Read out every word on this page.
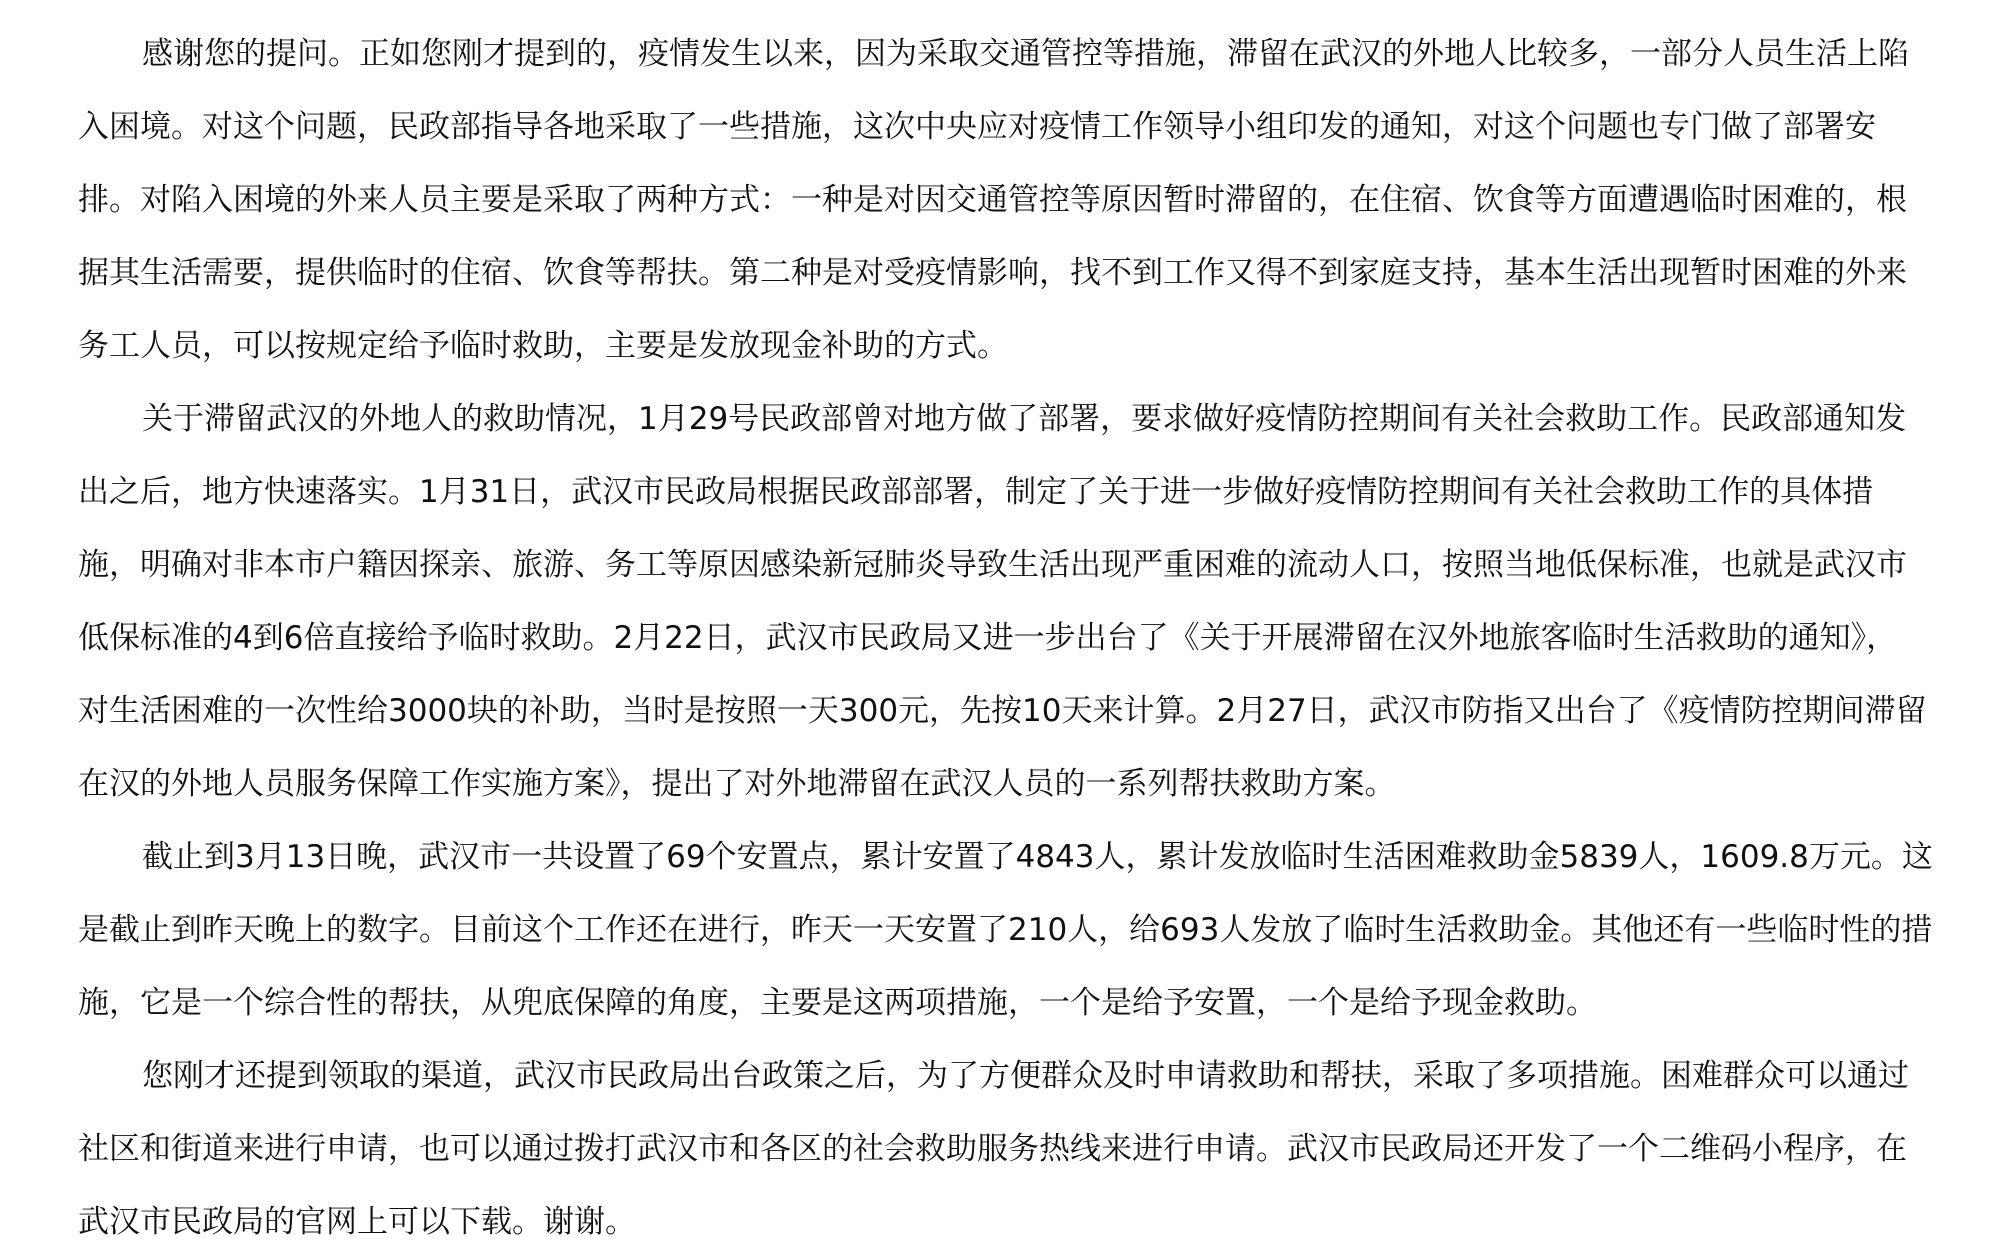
感谢您的提问。正如您刚才提到的，疫情发生以来，因为采取交通管控等措施，滞留在武汉的外地人比较多，一部分人员生活上陷
入困境。对这个问题，民政部指导各地采取了一些措施，这次中央应对疫情工作领导小组印发的通知，对这个问题也专门做了部署安
排。对陷入困境的外来人员主要是采取了两种方式：一种是对因交通管控等原因暂时滞留的，在住宿、饮食等方面遭遇临时困难的，根
据其生活需要，提供临时的住宿、饮食等帮扶。第二种是对受疫情影响，找不到工作又得不到家庭支持，基本生活出现暂时困难的外来
务工人员，可以按规定给予临时救助，主要是发放现金补助的方式。
关于滞留武汉的外地人的救助情况，1月29号民政部曾对地方做了部署，要求做好疫情防控期间有关社会救助工作。民政部通知发
出之后，地方快速落实。1月31日，武汉市民政局根据民政部部署，制定了关于进一步做好疫情防控期间有关社会救助工作的具体措
施，明确对非本市户籍因探亲、旅游、务工等原因感染新冠肺炎导致生活出现严重困难的流动人口，按照当地低保标准，也就是武汉市
低保标准的4到6倍直接给予临时救助。2月22日，武汉市民政局又进一步出台了《关于开展滞留在汉外地旅客临时生活救助的通知》，
对生活困难的一次性给3000块的补助，当时是按照一天300元，先按10天来计算。2月27日，武汉市防指又出台了《疫情防控期间滞留
在汉的外地人员服务保障工作实施方案》，提出了对外地滞留在武汉人员的一系列帮扶救助方案。
截止到3月13日晚，武汉市一共设置了69个安置点，累计安置了4843人，累计发放临时生活困难救助金5839人，1609.8万元。这
是截止到昨天晚上的数字。目前这个工作还在进行，昨天一天安置了210人，给693人发放了临时生活救助金。其他还有一些临时性的措
施，它是一个综合性的帮扶，从兜底保障的角度，主要是这两项措施，一个是给予安置，一个是给予现金救助。
您刚才还提到领取的渠道，武汉市民政局出台政策之后，为了方便群众及时申请救助和帮扶，采取了多项措施。困难群众可以通过
社区和街道来进行申请，也可以通过拨打武汉市和各区的社会救助服务热线来进行申请。武汉市民政局还开发了一个二维码小程序，在
武汉市民政局的官网上可以下载。谢谢。
